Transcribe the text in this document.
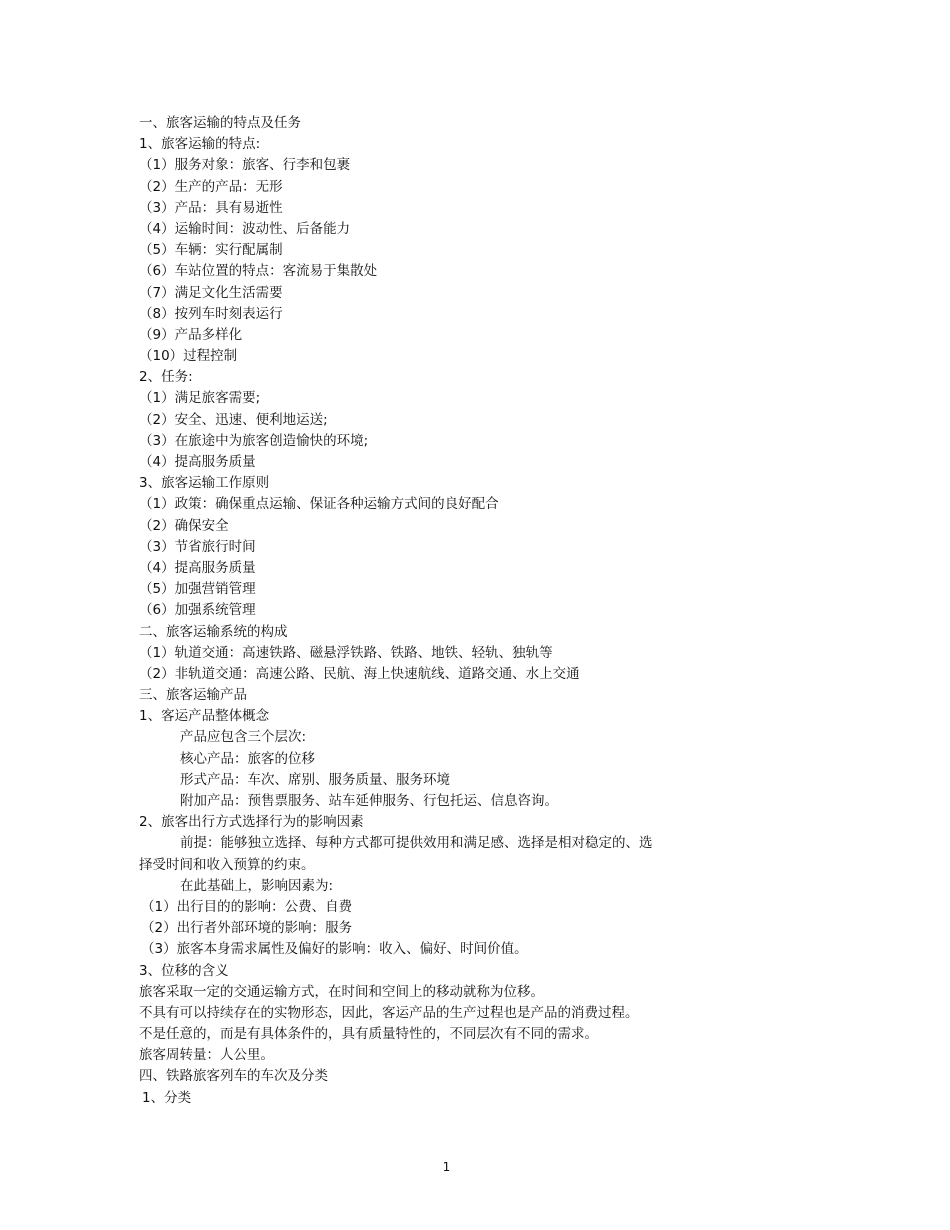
一、旅客运输的特点及任务
1、旅客运输的特点:
（1）服务对象：旅客、行李和包裹
（2）生产的产品：无形
（3）产品：具有易逝性
（4）运输时间：波动性、后备能力
（5）车辆：实行配属制
（6）车站位置的特点：客流易于集散处
（7）满足文化生活需要
（8）按列车时刻表运行
（9）产品多样化
（10）过程控制
2、任务:
（1）满足旅客需要;
（2）安全、迅速、便利地运送;
（3）在旅途中为旅客创造愉快的环境;
（4）提高服务质量
3、旅客运输工作原则
（1）政策：确保重点运输、保证各种运输方式间的良好配合
（2）确保安全
（3）节省旅行时间
（4）提高服务质量
（5）加强营销管理
（6）加强系统管理
二、旅客运输系统的构成
（1）轨道交通：高速铁路、磁悬浮铁路、铁路、地铁、轻轨、独轨等
（2）非轨道交通：高速公路、民航、海上快速航线、道路交通、水上交通
三、旅客运输产品
1、客运产品整体概念
产品应包含三个层次:
核心产品：旅客的位移
形式产品：车次、席别、服务质量、服务环境
附加产品：预售票服务、站车延伸服务、行包托运、信息咨询。
2、旅客出行方式选择行为的影响因素
前提：能够独立选择、每种方式都可提供效用和满足感、选择是相对稳定的、选
择受时间和收入预算的约束。
在此基础上，影响因素为:
（1）出行目的的影响：公费、自费
（2）出行者外部环境的影响：服务
（3）旅客本身需求属性及偏好的影响：收入、偏好、时间价值。
3、位移的含义
旅客采取一定的交通运输方式，在时间和空间上的移动就称为位移。
不具有可以持续存在的实物形态，因此，客运产品的生产过程也是产品的消费过程。
不是任意的，而是有具体条件的，具有质量特性的，不同层次有不同的需求。
旅客周转量：人公里。
四、铁路旅客列车的车次及分类
1、分类
1
